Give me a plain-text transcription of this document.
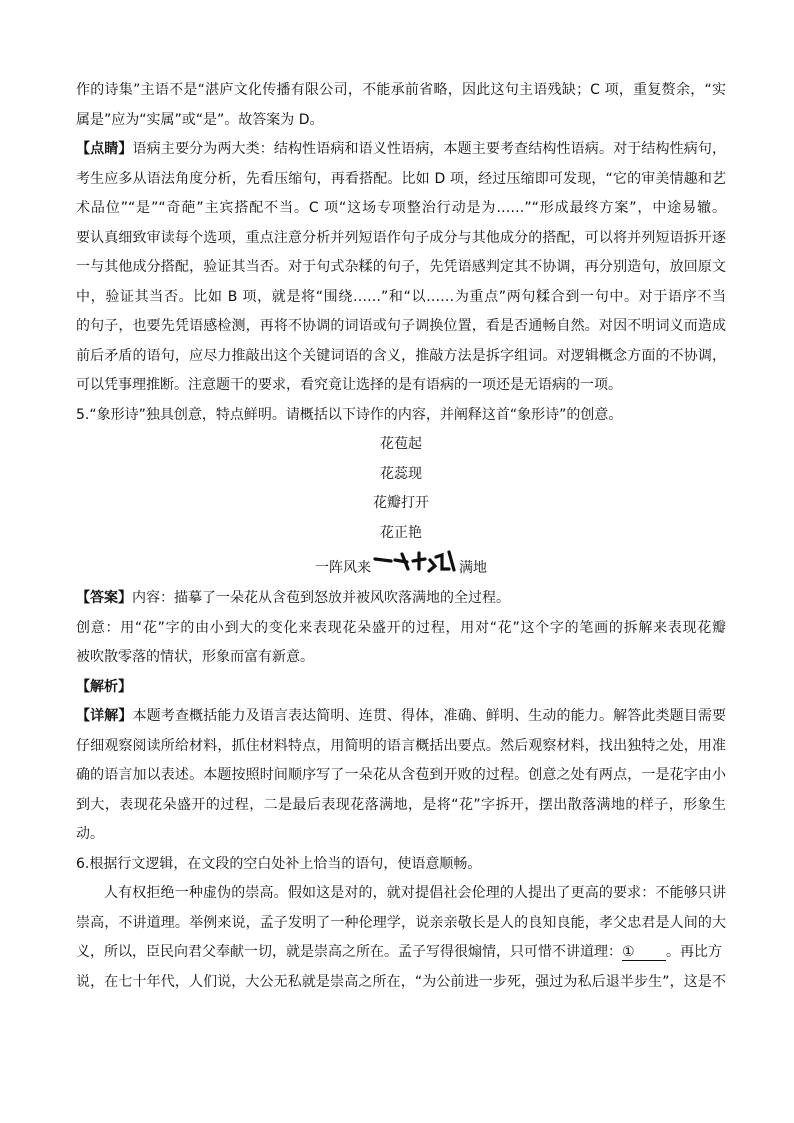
作的诗集”主语不是“湛庐文化传播有限公司，不能承前省略，因此这句主语残缺；C 项，重复赘余，“实
属是”应为“实属”或“是”。故答案为 D。
【点睛】语病主要分为两大类：结构性语病和语义性语病，本题主要考查结构性语病。对于结构性病句，
考生应多从语法角度分析，先看压缩句，再看搭配。比如 D 项，经过压缩即可发现，“它的审美情趣和艺
术品位”“是”“奇葩”主宾搭配不当。C 项“这场专项整治行动是为……”“形成最终方案”，中途易辙。
要认真细致审读每个选项，重点注意分析并列短语作句子成分与其他成分的搭配，可以将并列短语拆开逐
一与其他成分搭配，验证其当否。对于句式杂糅的句子，先凭语感判定其不协调，再分别造句，放回原文
中，验证其当否。比如 B 项，就是将“围绕……”和“以……为重点”两句糅合到一句中。对于语序不当
的句子，也要先凭语感检测，再将不协调的词语或句子调换位置，看是否通畅自然。对因不明词义而造成
前后矛盾的语句，应尽力推敲出这个关键词语的含义，推敲方法是拆字组词。对逻辑概念方面的不协调，
可以凭事理推断。注意题干的要求，看究竟让选择的是有语病的一项还是无语病的一项。
5.“象形诗”独具创意，特点鲜明。请概括以下诗作的内容，并阐释这首“象形诗”的创意。
花苞起
花蕊现
花瓣打开
花正艳
一阵风来	满地
【答案】内容：描摹了一朵花从含苞到怒放并被风吹落满地的全过程。
创意：用“花”字的由小到大的变化来表现花朵盛开的过程，用对“花”这个字的笔画的拆解来表现花瓣
被吹散零落的情状，形象而富有新意。
【解析】
【详解】本题考查概括能力及语言表达简明、连贯、得体，准确、鲜明、生动的能力。解答此类题目需要
仔细观察阅读所给材料，抓住材料特点，用简明的语言概括出要点。然后观察材料，找出独特之处，用准
确的语言加以表述。本题按照时间顺序写了一朵花从含苞到开败的过程。创意之处有两点，一是花字由小
到大，表现花朵盛开的过程，二是最后表现花落满地，是将“花”字拆开，摆出散落满地的样子，形象生
动。
6.根据行文逻辑，在文段的空白处补上恰当的语句，使语意顺畅。
人有权拒绝一种虚伪的崇高。假如这是对的，就对提倡社会伦理的人提出了更高的要求：不能够只讲
崇高，不讲道理。举例来说，孟子发明了一种伦理学，说亲亲敬长是人的良知良能，孝父忠君是人间的大
义，所以，臣民向君父奉献一切，就是崇高之所在。孟子写得很煽情，只可惜不讲道理：① 。再比方
说，在七十年代，人们说，大公无私就是崇高之所在，“为公前进一步死，强过为私后退半步生”，这是不
